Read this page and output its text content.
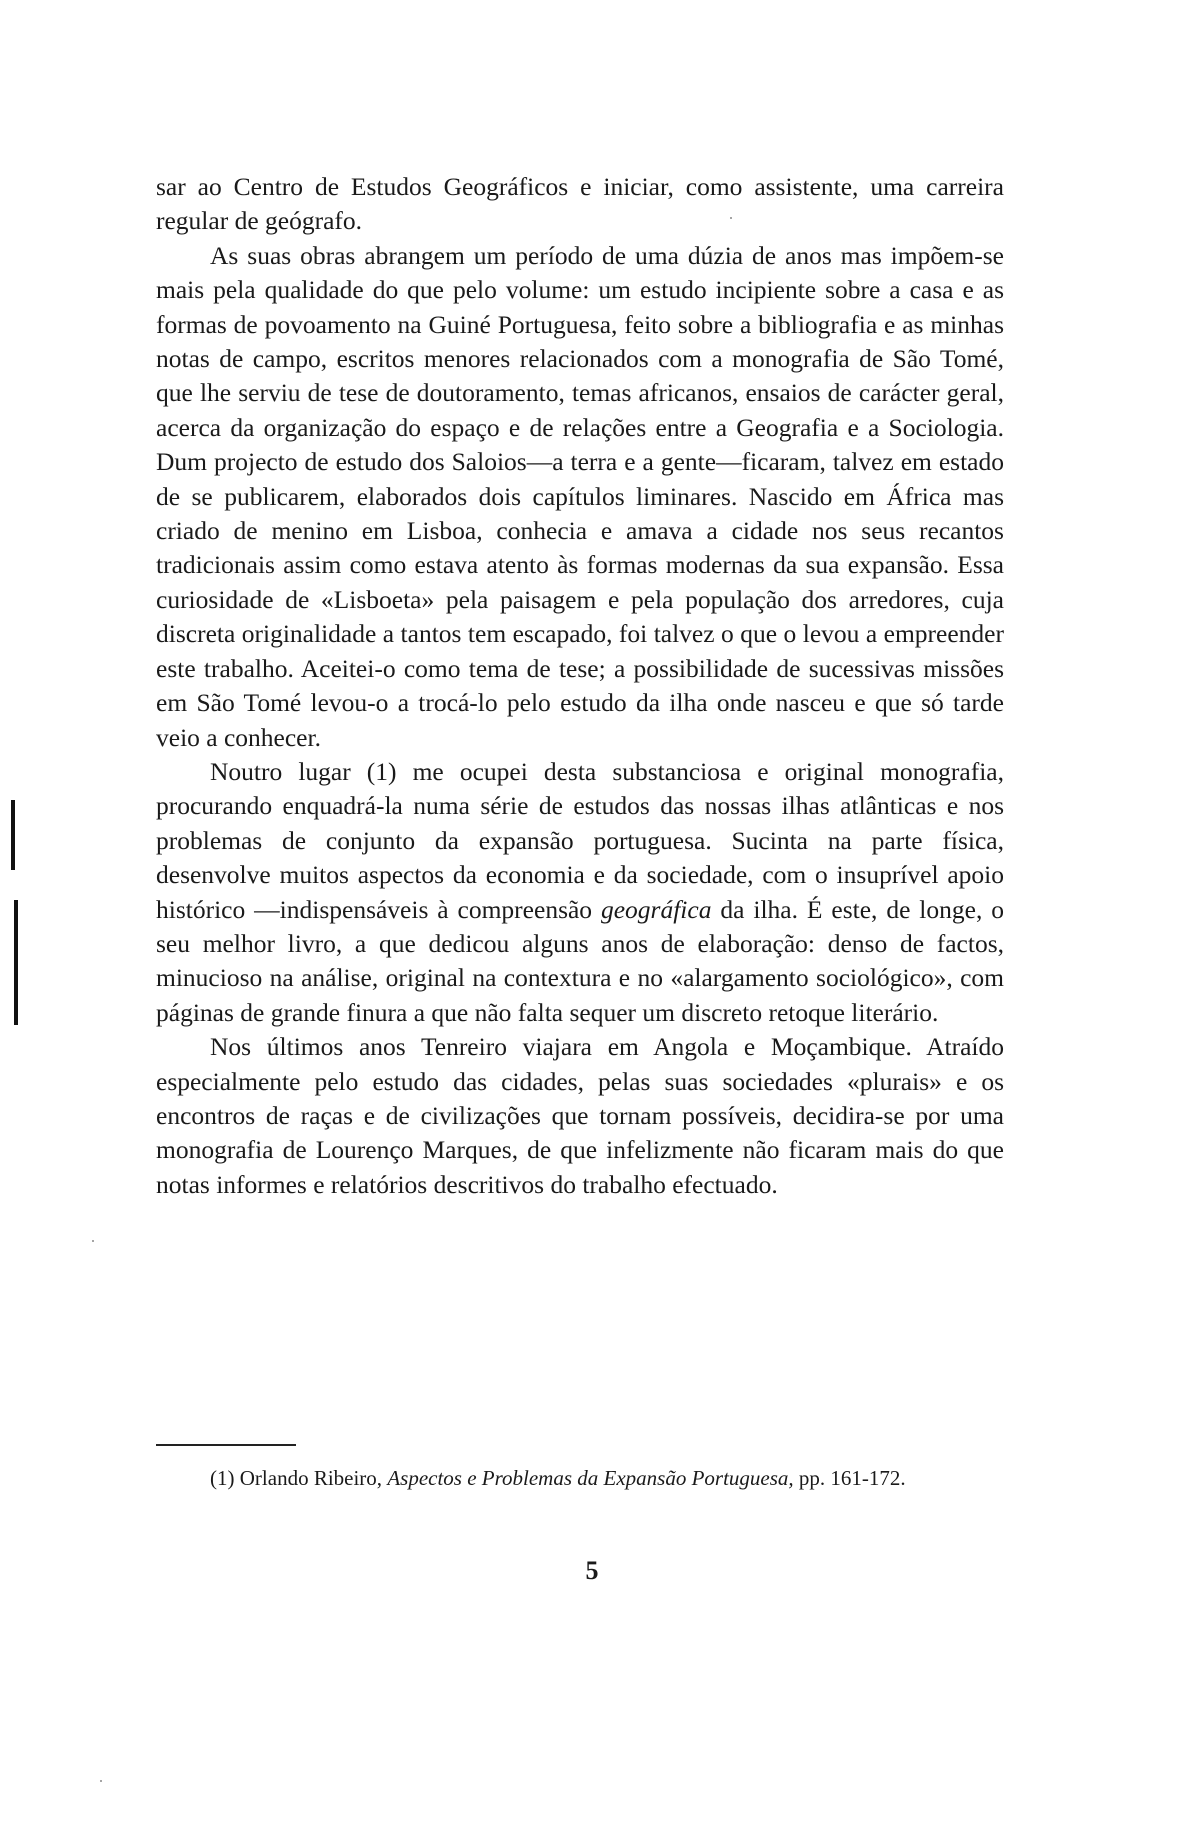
sar ao Centro de Estudos Geográficos e iniciar, como assistente, uma carreira regular de geógrafo.

As suas obras abrangem um período de uma dúzia de anos mas impõem-se mais pela qualidade do que pelo volume: um estudo incipiente sobre a casa e as formas de povoamento na Guiné Portuguesa, feito sobre a bibliografia e as minhas notas de campo, escritos menores relacionados com a monografia de São Tomé, que lhe serviu de tese de doutoramento, temas africanos, ensaios de carácter geral, acerca da organização do espaço e de relações entre a Geografia e a Sociologia. Dum projecto de estudo dos Saloios—a terra e a gente—ficaram, talvez em estado de se publicarem, elaborados dois capítulos liminares. Nascido em África mas criado de menino em Lisboa, conhecia e amava a cidade nos seus recantos tradicionais assim como estava atento às formas modernas da sua expansão. Essa curiosidade de «Lisboeta» pela paisagem e pela população dos arredores, cuja discreta originalidade a tantos tem escapado, foi talvez o que o levou a empreender este trabalho. Aceitei-o como tema de tese; a possibilidade de sucessivas missões em São Tomé levou-o a trocá-lo pelo estudo da ilha onde nasceu e que só tarde veio a conhecer.

Noutro lugar (1) me ocupei desta substanciosa e original monografia, procurando enquadrá-la numa série de estudos das nossas ilhas atlânticas e nos problemas de conjunto da expansão portuguesa. Sucinta na parte física, desenvolve muitos aspectos da economia e da sociedade, com o insuprível apoio histórico —indispensáveis à compreensão geográfica da ilha. É este, de longe, o seu melhor livro, a que dedicou alguns anos de elaboração: denso de factos, minucioso na análise, original na contextura e no «alargamento sociológico», com páginas de grande finura a que não falta sequer um discreto retoque literário.

Nos últimos anos Tenreiro viajara em Angola e Moçambique. Atraído especialmente pelo estudo das cidades, pelas suas sociedades «plurais» e os encontros de raças e de civilizações que tornam possíveis, decidira-se por uma monografia de Lourenço Marques, de que infelizmente não ficaram mais do que notas informes e relatórios descritivos do trabalho efectuado.

(1) Orlando Ribeiro, Aspectos e Problemas da Expansão Portuguesa, pp. 161-172.

5
